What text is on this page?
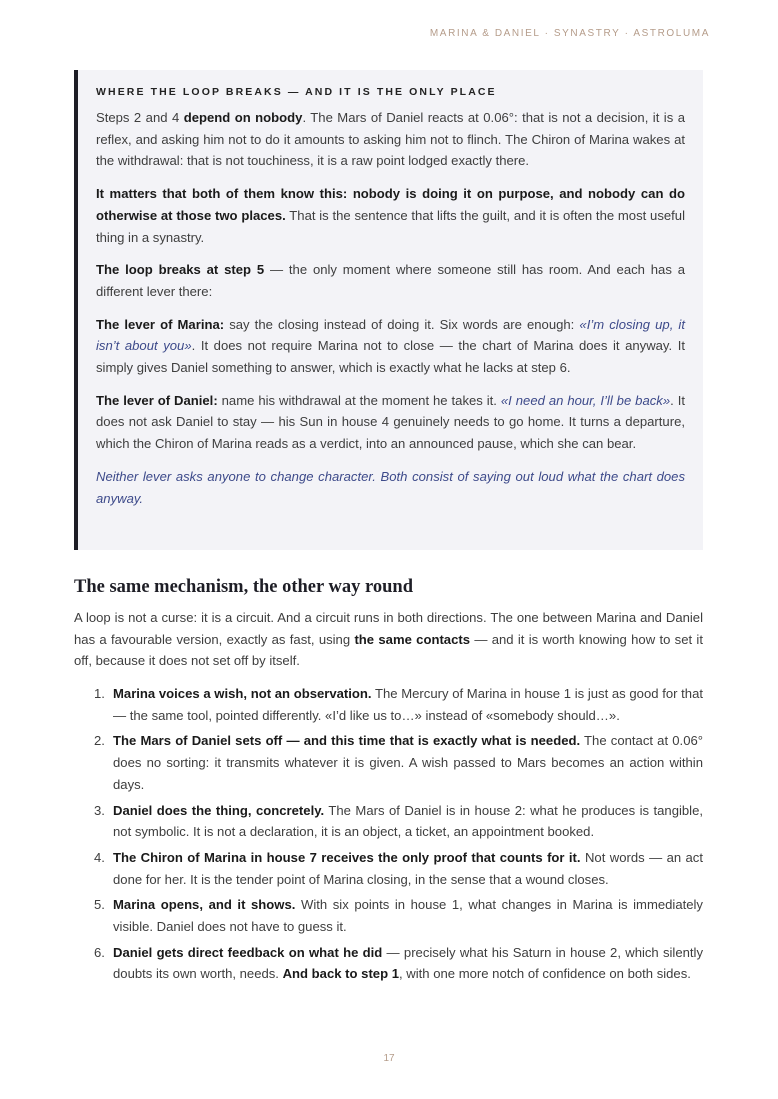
MARINA & DANIEL · SYNASTRY · ASTROLUMA
WHERE THE LOOP BREAKS — AND IT IS THE ONLY PLACE

Steps 2 and 4 depend on nobody. The Mars of Daniel reacts at 0.06°: that is not a decision, it is a reflex, and asking him not to do it amounts to asking him not to flinch. The Chiron of Marina wakes at the withdrawal: that is not touchiness, it is a raw point lodged exactly there.

It matters that both of them know this: nobody is doing it on purpose, and nobody can do otherwise at those two places. That is the sentence that lifts the guilt, and it is often the most useful thing in a synastry.

The loop breaks at step 5 — the only moment where someone still has room. And each has a different lever there:

The lever of Marina: say the closing instead of doing it. Six words are enough: «I’m closing up, it isn’t about you». It does not require Marina not to close — the chart of Marina does it anyway. It simply gives Daniel something to answer, which is exactly what he lacks at step 6.

The lever of Daniel: name his withdrawal at the moment he takes it. «I need an hour, I’ll be back». It does not ask Daniel to stay — his Sun in house 4 genuinely needs to go home. It turns a departure, which the Chiron of Marina reads as a verdict, into an announced pause, which she can bear.

Neither lever asks anyone to change character. Both consist of saying out loud what the chart does anyway.

The same mechanism, the other way round

A loop is not a curse: it is a circuit. And a circuit runs in both directions. The one between Marina and Daniel has a favourable version, exactly as fast, using the same contacts — and it is worth knowing how to set it off, because it does not set off by itself.

1. Marina voices a wish, not an observation. The Mercury of Marina in house 1 is just as good for that — the same tool, pointed differently. «I’d like us to…» instead of «somebody should…».
2. The Mars of Daniel sets off — and this time that is exactly what is needed. The contact at 0.06° does no sorting: it transmits whatever it is given. A wish passed to Mars becomes an action within days.
3. Daniel does the thing, concretely. The Mars of Daniel is in house 2: what he produces is tangible, not symbolic. It is not a declaration, it is an object, a ticket, an appointment booked.
4. The Chiron of Marina in house 7 receives the only proof that counts for it. Not words — an act done for her. It is the tender point of Marina closing, in the sense that a wound closes.
5. Marina opens, and it shows. With six points in house 1, what changes in Marina is immediately visible. Daniel does not have to guess it.
6. Daniel gets direct feedback on what he did — precisely what his Saturn in house 2, which silently doubts its own worth, needs. And back to step 1, with one more notch of confidence on both sides.
17
